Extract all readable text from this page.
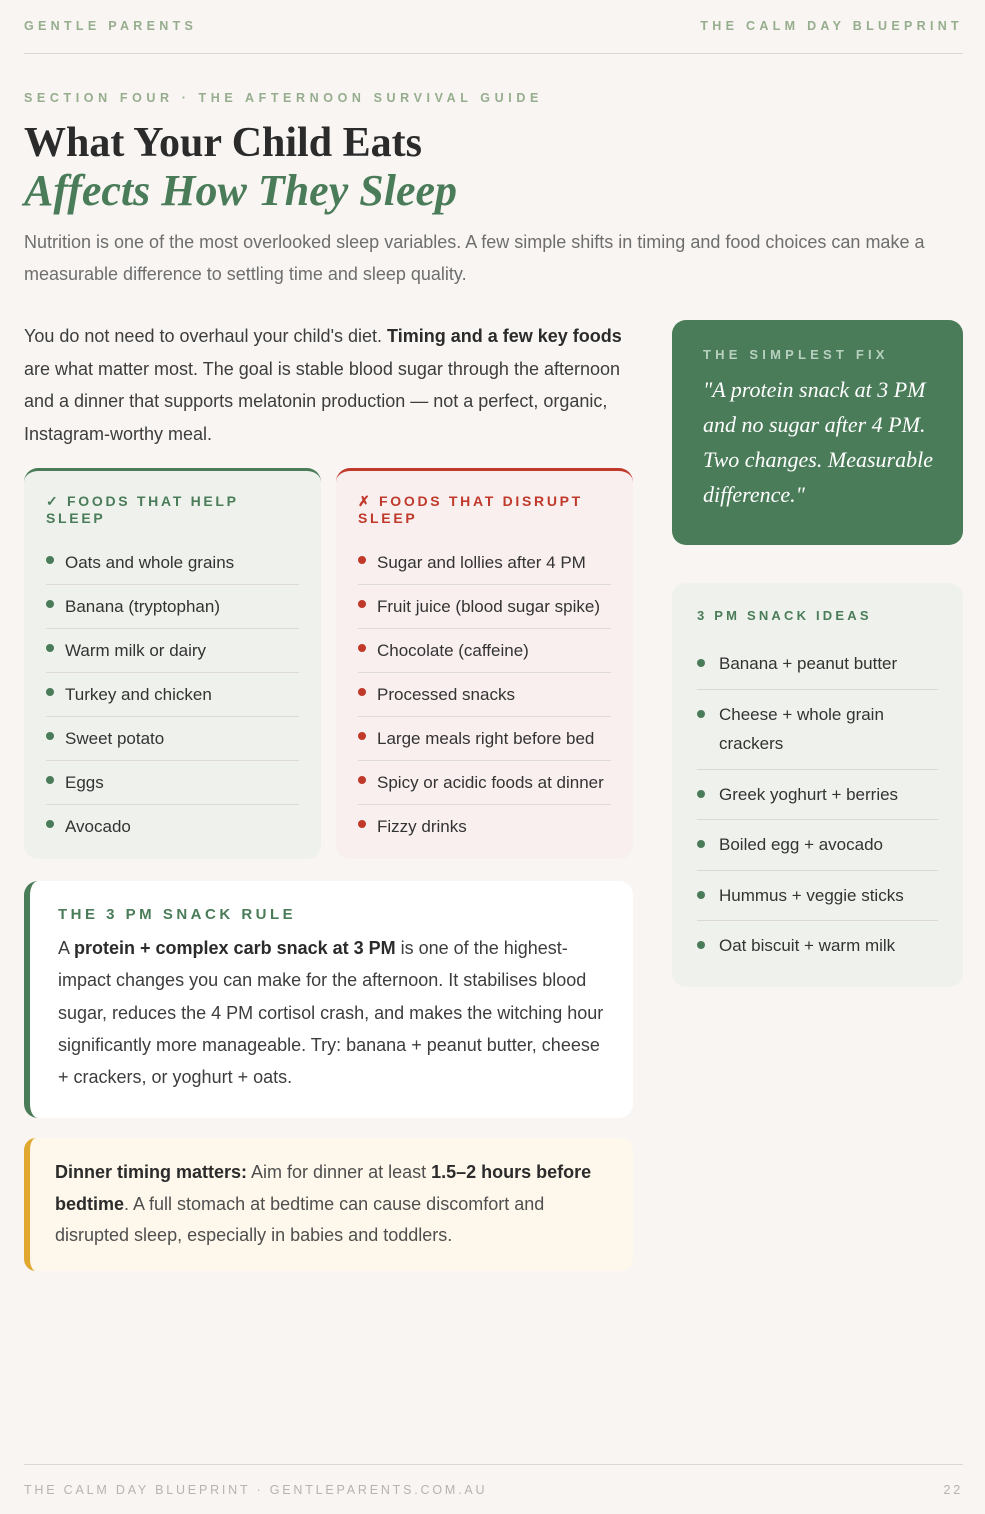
GENTLE PARENTS	THE CALM DAY BLUEPRINT
SECTION FOUR · THE AFTERNOON SURVIVAL GUIDE
What Your Child Eats
Affects How They Sleep

Nutrition is one of the most overlooked sleep variables. A few simple shifts in timing and food choices can make a measurable difference to settling time and sleep quality.

You do not need to overhaul your child's diet. Timing and a few key foods are what matter most. The goal is stable blood sugar through the afternoon and a dinner that supports melatonin production — not a perfect, organic, Instagram-worthy meal.

✓ FOODS THAT HELP SLEEP
Oats and whole grains
Banana (tryptophan)
Warm milk or dairy
Turkey and chicken
Sweet potato
Eggs
Avocado
✗ FOODS THAT DISRUPT SLEEP
Sugar and lollies after 4 PM
Fruit juice (blood sugar spike)
Chocolate (caffeine)
Processed snacks
Large meals right before bed
Spicy or acidic foods at dinner
Fizzy drinks
THE 3 PM SNACK RULE

A protein + complex carb snack at 3 PM is one of the highest-impact changes you can make for the afternoon. It stabilises blood sugar, reduces the 4 PM cortisol crash, and makes the witching hour significantly more manageable. Try: banana + peanut butter, cheese + crackers, or yoghurt + oats.

Dinner timing matters: Aim for dinner at least 1.5–2 hours before bedtime. A full stomach at bedtime can cause discomfort and disrupted sleep, especially in babies and toddlers.

THE SIMPLEST FIX

"A protein snack at 3 PM and no sugar after 4 PM. Two changes. Measurable difference."

3 PM SNACK IDEAS
Banana + peanut butter
Cheese + whole grain crackers
Greek yoghurt + berries
Boiled egg + avocado
Hummus + veggie sticks
Oat biscuit + warm milk
THE CALM DAY BLUEPRINT · GENTLEPARENTS.COM.AU	22
